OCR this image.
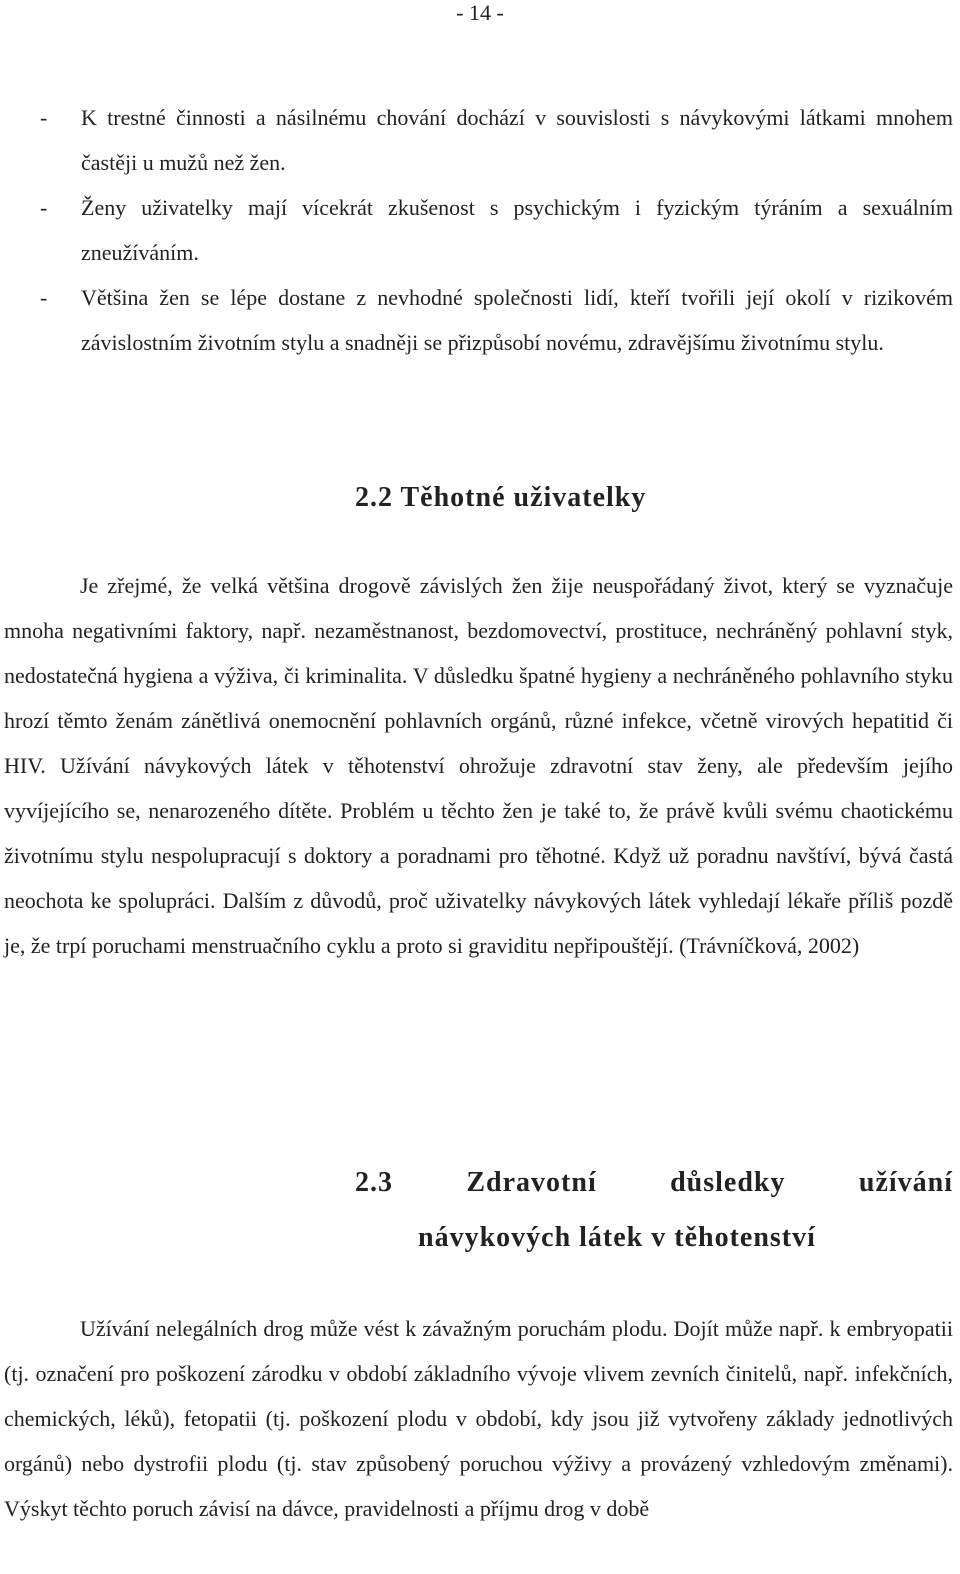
- 14 -
- K trestné činnosti a násilnému chování dochází v souvislosti s návykovými látkami mnohem častěji u mužů než žen.
- Ženy uživatelky mají vícekrát zkušenost s psychickým i fyzickým týráním a sexuálním zneužíváním.
- Většina žen se lépe dostane z nevhodné společnosti lidí, kteří tvořili její okolí v rizikovém závislostním životním stylu a snadněji se přizpůsobí novému, zdravějšímu životnímu stylu.
2.2 Těhotné uživatelky

Je zřejmé, že velká většina drogově závislých žen žije neuspořádaný život, který se vyznačuje mnoha negativními faktory, např. nezaměstnanost, bezdomovectví, prostituce, nechráněný pohlavní styk, nedostatečná hygiena a výživa, či kriminalita. V důsledku špatné hygieny a nechráněného pohlavního styku hrozí těmto ženám zánětlivá onemocnění pohlavních orgánů, různé infekce, včetně virových hepatitid či HIV. Užívání návykových látek v těhotenství ohrožuje zdravotní stav ženy, ale především jejího vyvíjejícího se, nenarozeného dítěte. Problém u těchto žen je také to, že právě kvůli svému chaotickému životnímu stylu nespolupracují s doktory a poradnami pro těhotné. Když už poradnu navštíví, bývá častá neochota ke spolupráci. Dalším z důvodů, proč uživatelky návykových látek vyhledají lékaře příliš pozdě je, že trpí poruchami menstruačního cyklu a proto si graviditu nepřipouštějí. (Trávníčková, 2002)

2.3 Zdravotní důsledky užívání
návykových látek v těhotenství

Užívání nelegálních drog může vést k závažným poruchám plodu. Dojít může např. k embryopatii (tj. označení pro poškození zárodku v období základního vývoje vlivem zevních činitelů, např. infekčních, chemických, léků), fetopatii (tj. poškození plodu v období, kdy jsou již vytvořeny základy jednotlivých orgánů) nebo dystrofii plodu (tj. stav způsobený poruchou výživy a provázený vzhledovým změnami). Výskyt těchto poruch závisí na dávce, pravidelnosti a příjmu drog v době
